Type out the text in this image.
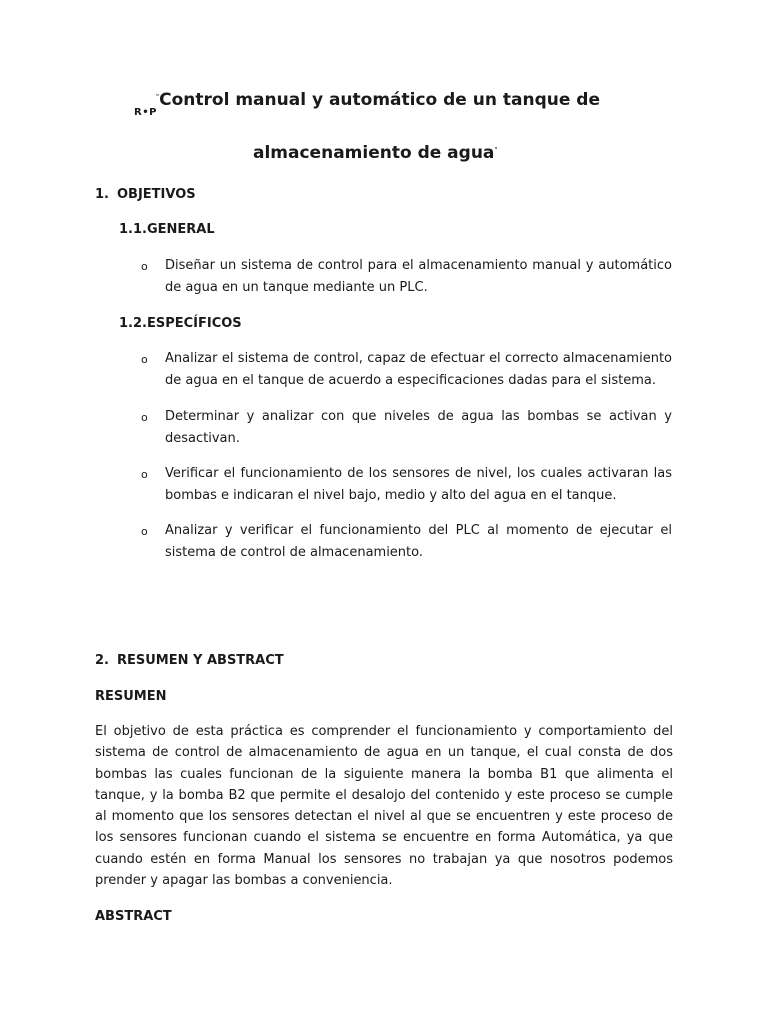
R•P
"Control manual y automático de un tanque de
almacenamiento de agua"
1. OBJETIVOS
1.1.GENERAL
o Diseñar un sistema de control para el almacenamiento manual y automático de agua en un tanque mediante un PLC.
1.2.ESPECÍFICOS
o Analizar el sistema de control, capaz de efectuar el correcto almacenamiento de agua en el tanque de acuerdo a especificaciones dadas para el sistema.
o Determinar y analizar con que niveles de agua las bombas se activan y desactivan.
o Verificar el funcionamiento de los sensores de nivel, los cuales activaran las bombas e indicaran el nivel bajo, medio y alto del agua en el tanque.
o Analizar y verificar el funcionamiento del PLC al momento de ejecutar el sistema de control de almacenamiento.
2. RESUMEN Y ABSTRACT
RESUMEN
El objetivo de esta práctica es comprender el funcionamiento y comportamiento del sistema de control de almacenamiento de agua en un tanque, el cual consta de dos bombas las cuales funcionan de la siguiente manera la bomba B1 que alimenta el tanque, y la bomba B2 que permite el desalojo del contenido y este proceso se cumple al momento que los sensores detectan el nivel al que se encuentren y este proceso de los sensores funcionan cuando el sistema se encuentre en forma Automática, ya que cuando estén en forma Manual los sensores no trabajan ya que nosotros podemos prender y apagar las bombas a conveniencia.
ABSTRACT
